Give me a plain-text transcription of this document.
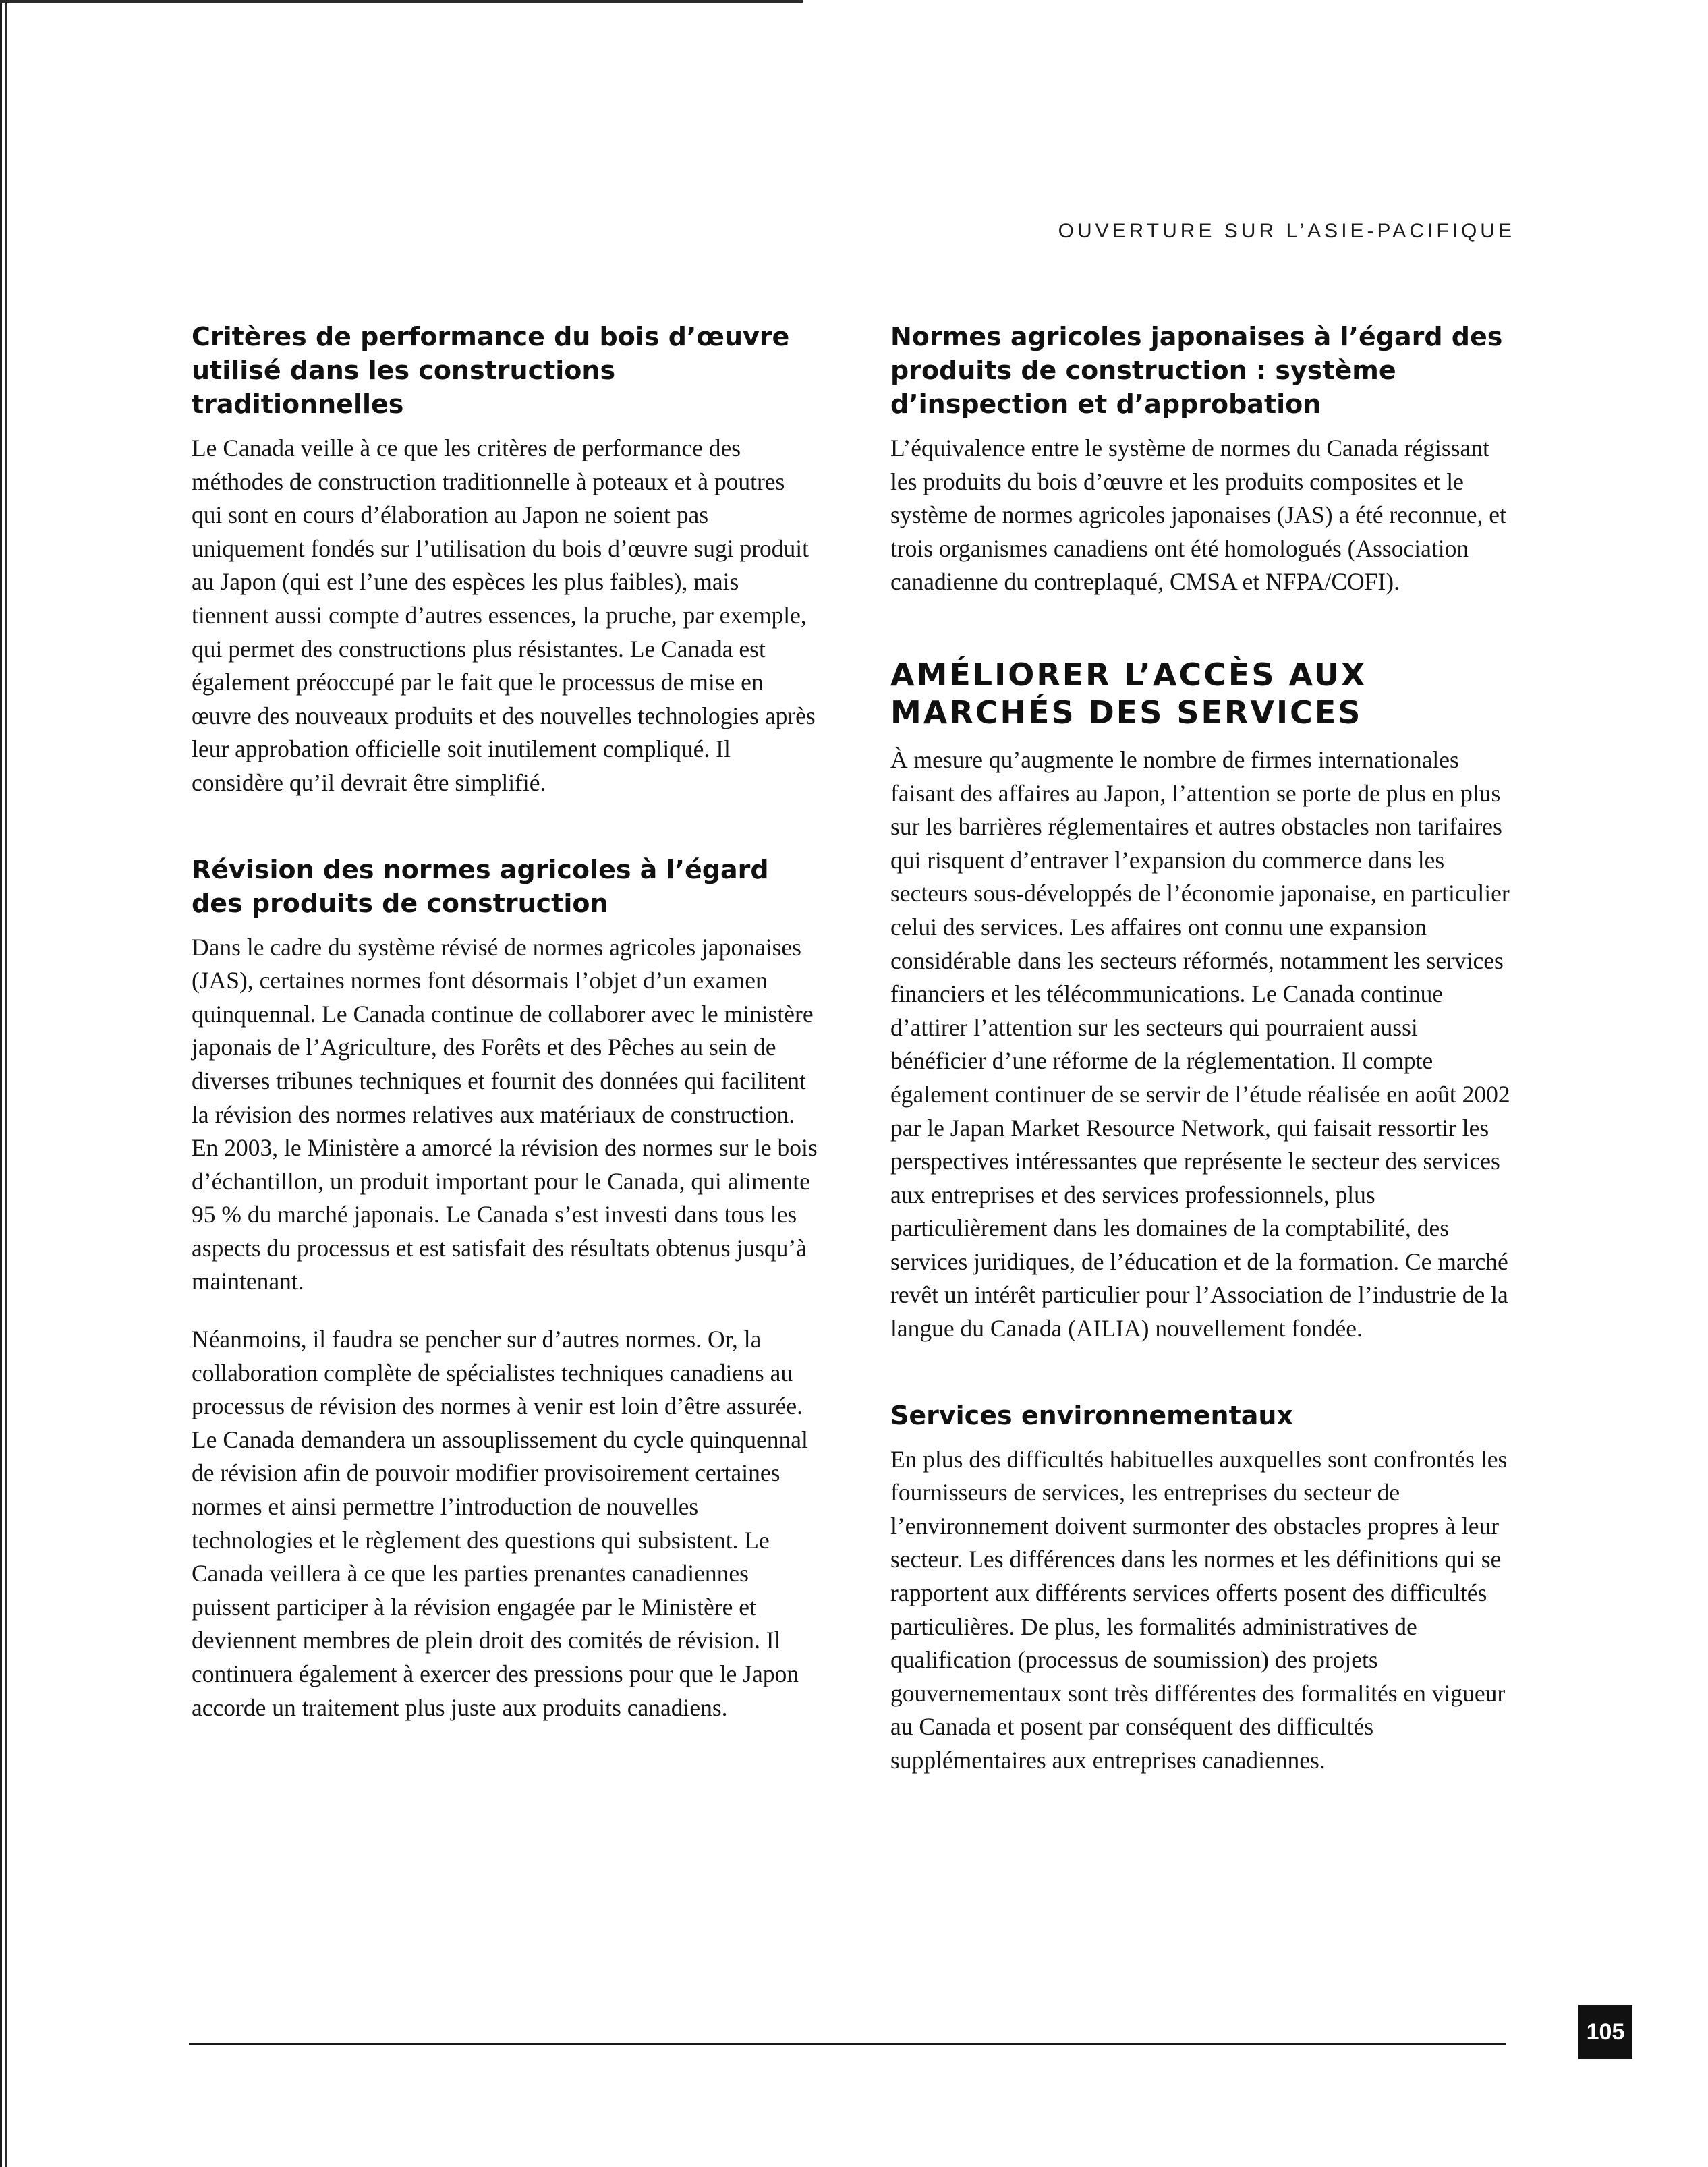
OUVERTURE SUR L’ASIE-PACIFIQUE
Critères de performance du bois d’œuvre utilisé dans les constructions traditionnelles

Le Canada veille à ce que les critères de performance des méthodes de construction traditionnelle à poteaux et à poutres qui sont en cours d’élaboration au Japon ne soient pas uniquement fondés sur l’utilisation du bois d’œuvre sugi produit au Japon (qui est l’une des espèces les plus faibles), mais tiennent aussi compte d’autres essences, la pruche, par exemple, qui permet des constructions plus résistantes. Le Canada est également préoccupé par le fait que le processus de mise en œuvre des nouveaux produits et des nouvelles technologies après leur approbation officielle soit inutilement compliqué. Il considère qu’il devrait être simplifié.

Révision des normes agricoles à l’égard des produits de construction

Dans le cadre du système révisé de normes agricoles japonaises (JAS), certaines normes font désormais l’objet d’un examen quinquennal. Le Canada continue de collaborer avec le ministère japonais de l’Agriculture, des Forêts et des Pêches au sein de diverses tribunes techniques et fournit des données qui facilitent la révision des normes relatives aux matériaux de construction. En 2003, le Ministère a amorcé la révision des normes sur le bois d’échantillon, un produit important pour le Canada, qui alimente 95 % du marché japonais. Le Canada s’est investi dans tous les aspects du processus et est satisfait des résultats obtenus jusqu’à maintenant.

Néanmoins, il faudra se pencher sur d’autres normes. Or, la collaboration complète de spécialistes techniques canadiens au processus de révision des normes à venir est loin d’être assurée. Le Canada demandera un assouplissement du cycle quinquennal de révision afin de pouvoir modifier provisoirement certaines normes et ainsi permettre l’introduction de nouvelles technologies et le règlement des questions qui subsistent. Le Canada veillera à ce que les parties prenantes canadiennes puissent participer à la révision engagée par le Ministère et deviennent membres de plein droit des comités de révision. Il continuera également à exercer des pressions pour que le Japon accorde un traitement plus juste aux produits canadiens.

Normes agricoles japonaises à l’égard des produits de construction : système d’inspection et d’approbation

L’équivalence entre le système de normes du Canada régissant les produits du bois d’œuvre et les produits composites et le système de normes agricoles japonaises (JAS) a été reconnue, et trois organismes canadiens ont été homologués (Association canadienne du contreplaqué, CMSA et NFPA/COFI).

AMÉLIORER L’ACCÈS AUX MARCHÉS DES SERVICES

À mesure qu’augmente le nombre de firmes internationales faisant des affaires au Japon, l’attention se porte de plus en plus sur les barrières réglementaires et autres obstacles non tarifaires qui risquent d’entraver l’expansion du commerce dans les secteurs sous-développés de l’économie japonaise, en particulier celui des services. Les affaires ont connu une expansion considérable dans les secteurs réformés, notamment les services financiers et les télécommunications. Le Canada continue d’attirer l’attention sur les secteurs qui pourraient aussi bénéficier d’une réforme de la réglementation. Il compte également continuer de se servir de l’étude réalisée en août 2002 par le Japan Market Resource Network, qui faisait ressortir les perspectives intéressantes que représente le secteur des services aux entreprises et des services professionnels, plus particulièrement dans les domaines de la comptabilité, des services juridiques, de l’éducation et de la formation. Ce marché revêt un intérêt particulier pour l’Association de l’industrie de la langue du Canada (AILIA) nouvellement fondée.

Services environnementaux

En plus des difficultés habituelles auxquelles sont confrontés les fournisseurs de services, les entreprises du secteur de l’environnement doivent surmonter des obstacles propres à leur secteur. Les différences dans les normes et les définitions qui se rapportent aux différents services offerts posent des difficultés particulières. De plus, les formalités administratives de qualification (processus de soumission) des projets gouvernementaux sont très différentes des formalités en vigueur au Canada et posent par conséquent des difficultés supplémentaires aux entreprises canadiennes.

105
